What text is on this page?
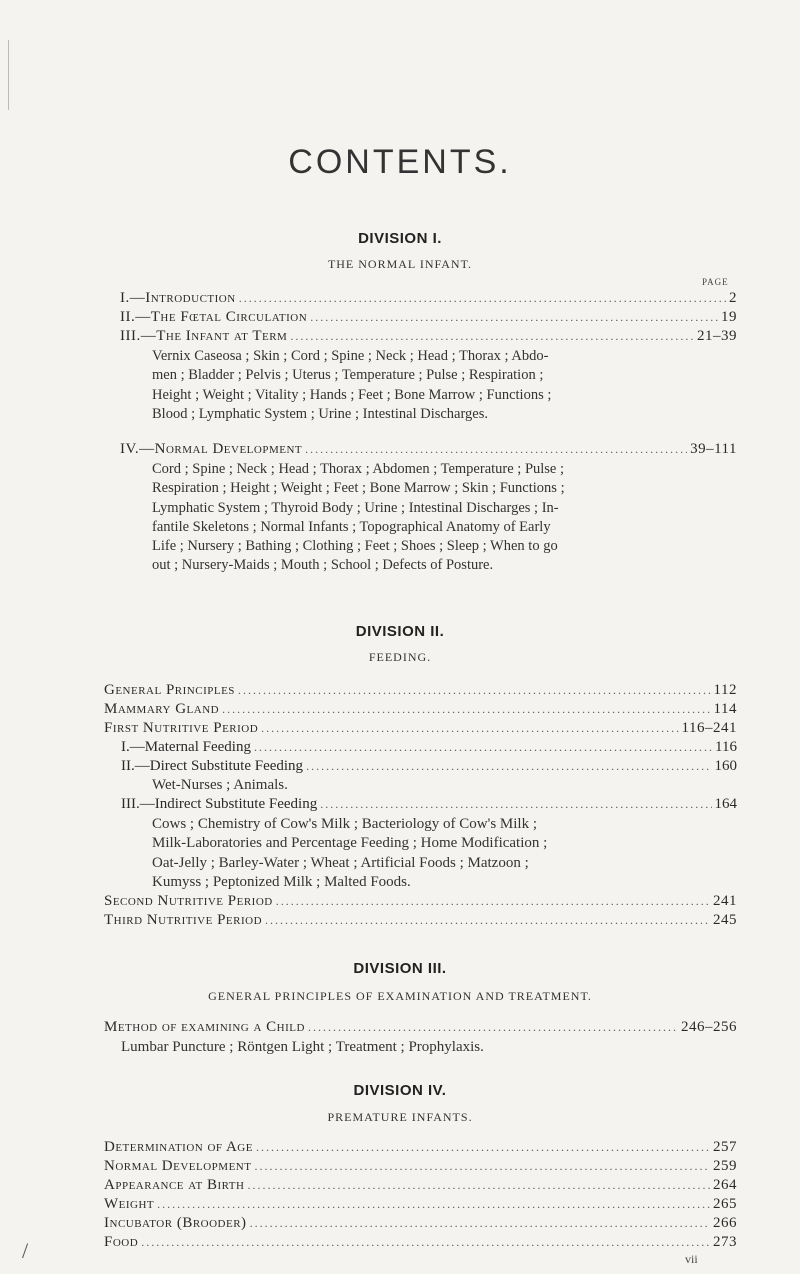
CONTENTS.
DIVISION I.
THE NORMAL INFANT.
PAGE
I.—Introduction .....	2
II.—The Fœtal Circulation .....	19
III.—The Infant at Term .....	21–39
Vernix Caseosa ; Skin ; Cord ; Spine ; Neck ; Head ; Thorax ; Abdo-
men ; Bladder ; Pelvis ; Uterus ; Temperature ; Pulse ; Respiration ;
Height ; Weight ; Vitality ; Hands ; Feet ; Bone Marrow ; Functions ;
Blood ; Lymphatic System ; Urine ; Intestinal Discharges.
IV.—Normal Development .....	39–111
Cord ; Spine ; Neck ; Head ; Thorax ; Abdomen ; Temperature ; Pulse ;
Respiration ; Height ; Weight ; Feet ; Bone Marrow ; Skin ; Functions ;
Lymphatic System ; Thyroid Body ; Urine ; Intestinal Discharges ; In-
fantile Skeletons ; Normal Infants ; Topographical Anatomy of Early
Life ; Nursery ; Bathing ; Clothing ; Feet ; Shoes ; Sleep ; When to go
out ; Nursery-Maids ; Mouth ; School ; Defects of Posture.
DIVISION II.
FEEDING.
General Principles .....	112
Mammary Gland .....	114
First Nutritive Period .....	116–241
I.—Maternal Feeding .....	116
II.—Direct Substitute Feeding .....	160
Wet-Nurses ; Animals.
III.—Indirect Substitute Feeding .....	164
Cows ; Chemistry of Cow's Milk ; Bacteriology of Cow's Milk ;
Milk-Laboratories and Percentage Feeding ; Home Modification ;
Oat-Jelly ; Barley-Water ; Wheat ; Artificial Foods ; Matzoon ;
Kumyss ; Peptonized Milk ; Malted Foods.
Second Nutritive Period .....	241
Third Nutritive Period .....	245
DIVISION III.
GENERAL PRINCIPLES OF EXAMINATION AND TREATMENT.
Method of examining a Child .....	246–256
Lumbar Puncture ; Röntgen Light ; Treatment ; Prophylaxis.
DIVISION IV.
PREMATURE INFANTS.
Determination of Age .....	257
Normal Development .....	259
Appearance at Birth .....	264
Weight .....	265
Incubator (Brooder) .....	266
Food .....	273
vii
/
